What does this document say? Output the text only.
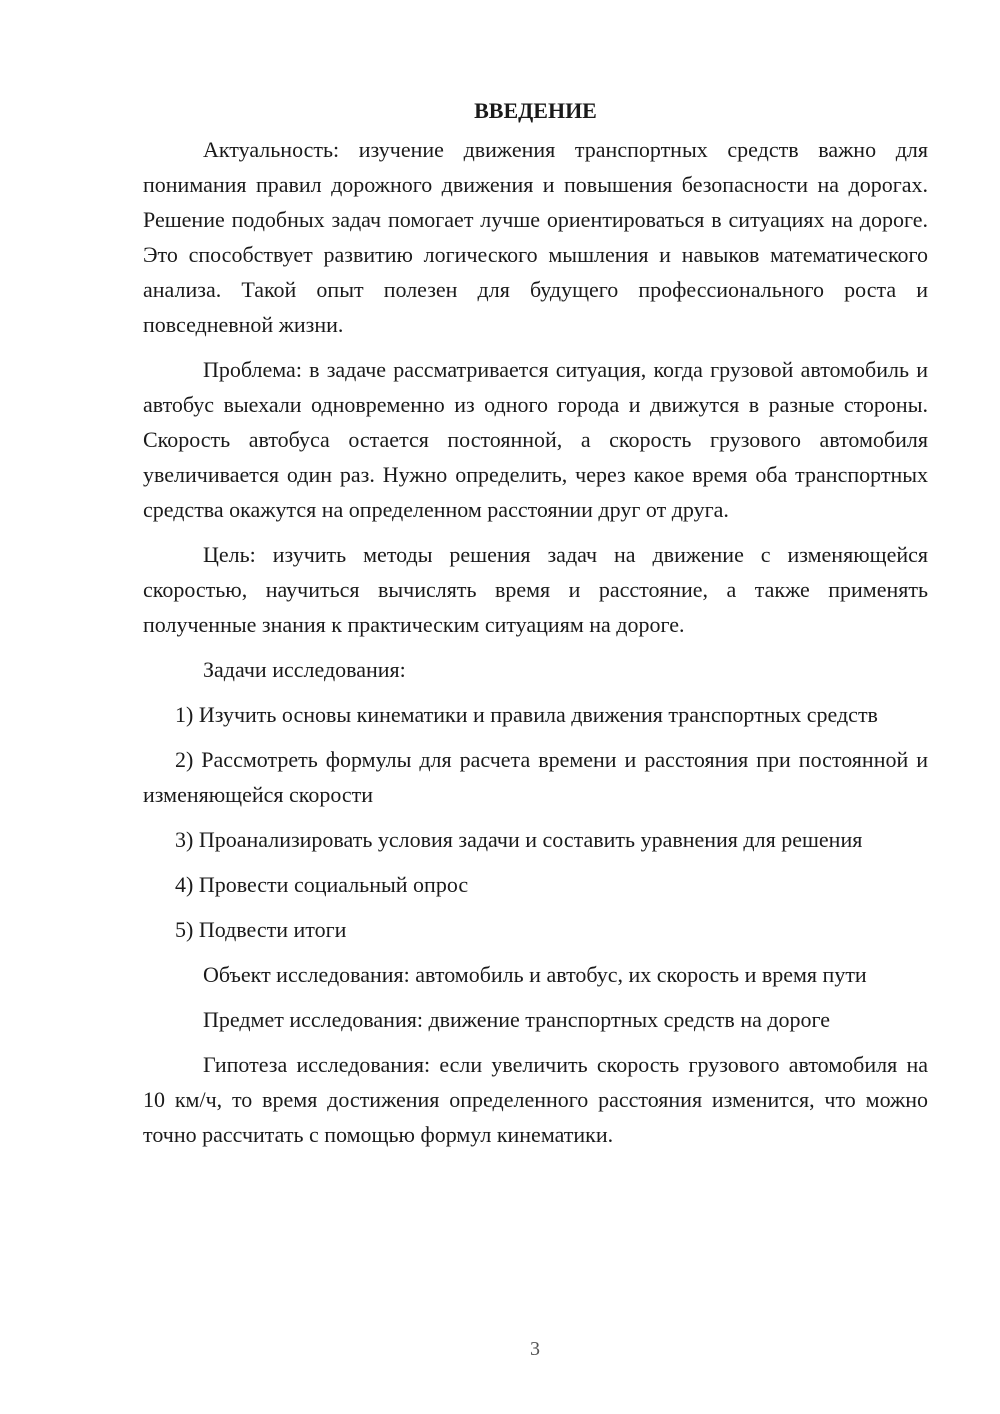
ВВЕДЕНИЕ
Актуальность: изучение движения транспортных средств важно для понимания правил дорожного движения и повышения безопасности на дорогах. Решение подобных задач помогает лучше ориентироваться в ситуациях на дороге. Это способствует развитию логического мышления и навыков математического анализа. Такой опыт полезен для будущего профессионального роста и повседневной жизни.
Проблема: в задаче рассматривается ситуация, когда грузовой автомобиль и автобус выехали одновременно из одного города и движутся в разные стороны. Скорость автобуса остается постоянной, а скорость грузового автомобиля увеличивается один раз. Нужно определить, через какое время оба транспортных средства окажутся на определенном расстоянии друг от друга.
Цель: изучить методы решения задач на движение с изменяющейся скоростью, научиться вычислять время и расстояние, а также применять полученные знания к практическим ситуациям на дороге.
Задачи исследования:
1) Изучить основы кинематики и правила движения транспортных средств
2) Рассмотреть формулы для расчета времени и расстояния при постоянной и изменяющейся скорости
3) Проанализировать условия задачи и составить уравнения для решения
4) Провести социальный опрос
5) Подвести итоги
Объект исследования: автомобиль и автобус, их скорость и время пути
Предмет исследования: движение транспортных средств на дороге
Гипотеза исследования: если увеличить скорость грузового автомобиля на 10 км/ч, то время достижения определенного расстояния изменится, что можно точно рассчитать с помощью формул кинематики.
3
